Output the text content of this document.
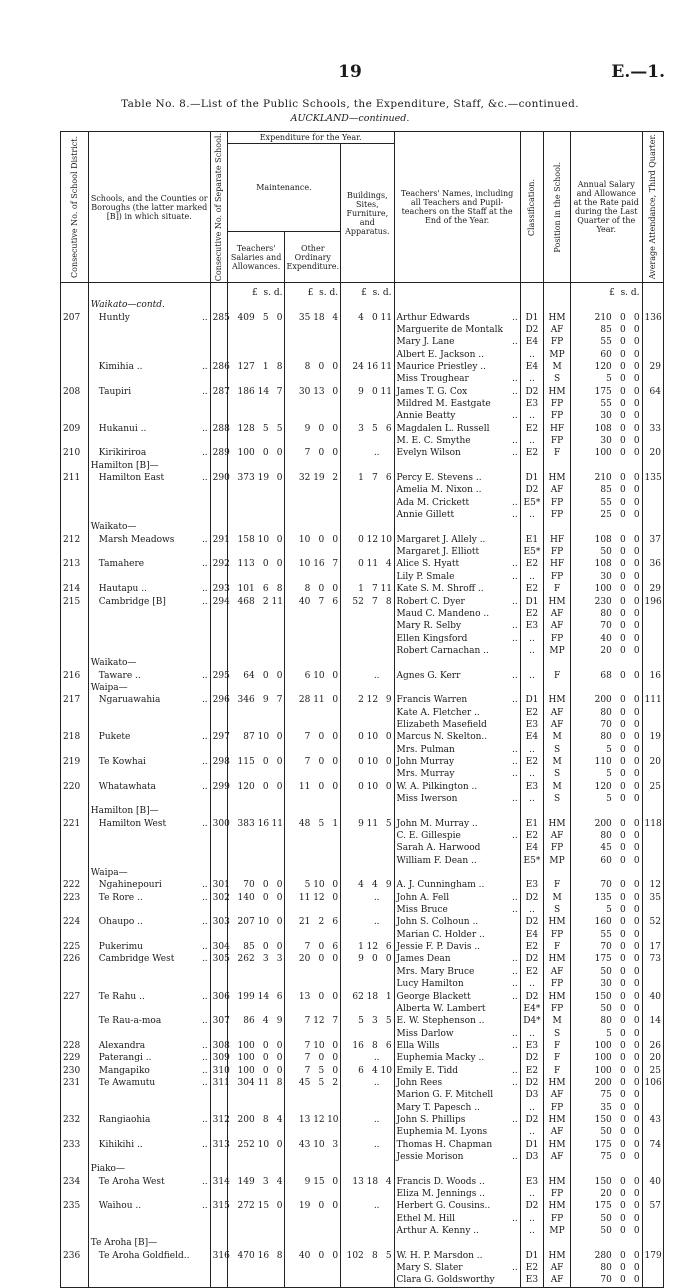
19	E.—1.
Table No. 8.—List of the Public Schools, the Expenditure, Staff, &c.—continued.
AUCKLAND—continued.
Consecutive No. of School District.	Schools, and the Counties or Boroughs (the latter marked [B]) in which situate.	Consecutive No. of Separate School.	Expenditure for the Year.			Teachers' Names, including all Teachers and Pupil-teachers on the Staff at the End of the Year.	Classification.	Position in the School.	Annual Salary and Allowance at the Rate paid during the Last Quarter of the Year.	Average Attendance, Third Quarter.

			Maintenance.		Buildings, Sites, Furniture, and Apparatus.					
			Teachers' Salaries and Allowances.	Other Ordinary Expenditure.						
			£ s. d.	£ s. d.	£ s. d.				£ s. d.	
	Waikato—contd.									
207	Huntly ..	285	409 5 0	35 18 4	4 0 11	Arthur Edwards ..	D1	HM	210 0 0	136
						Marguerite de Montalk	D2	AF	85 0 0	
						Mary J. Lane ..	E4	FP	55 0 0	
						Albert E. Jackson ..	..	MP	60 0 0	
	Kimihia .. ..	286	127 1 8	8 0 0	24 16 11	Maurice Priestley ..	E4	M	120 0 0	29
						Miss Troughear ..	..	S	5 0 0	
208	Taupiri ..	287	186 14 7	30 13 0	9 0 11	James T. G. Cox ..	D2	HM	175 0 0	64
						Mildred M. Eastgate	E3	FP	55 0 0	
						Annie Beatty ..	..	FP	30 0 0	
209	Hukanui .. ..	288	128 5 5	9 0 0	3 5 6	Magdalen L. Russell	E2	HF	108 0 0	33
						M. E. C. Smythe ..	..	FP	30 0 0	
210	Kirikiriroa ..	289	100 0 0	7 0 0	..	Evelyn Wilson ..	E2	F	100 0 0	20
	Hamilton [B]—									
211	Hamilton East ..	290	373 19 0	32 19 2	1 7 6	Percy E. Stevens ..	D1	HM	210 0 0	135
						Amelia M. Nixon ..	D2	AF	85 0 0	
						Ada M. Crickett ..	E5*	FP	55 0 0	
						Annie Gillett ..	..	FP	25 0 0	
	Waikato—									
212	Marsh Meadows ..	291	158 10 0	10 0 0	0 12 10	Margaret J. Allely ..	E1	HF	108 0 0	37
						Margaret J. Elliott	E5*	FP	50 0 0	
213	Tamahere ..	292	113 0 0	10 16 7	0 11 4	Alice S. Hyatt ..	E2	HF	108 0 0	36
						Lily P. Smale ..	..	FP	30 0 0	
214	Hautapu .. ..	293	101 6 8	8 0 0	1 7 11	Kate S. M. Shroff ..	E2	F	100 0 0	29
215	Cambridge [B] ..	294	468 2 11	40 7 6	52 7 8	Robert C. Dyer ..	D1	HM	230 0 0	196
						Maud C. Mandeno ..	E2	AF	80 0 0	
						Mary R. Selby ..	E3	AF	70 0 0	
						Ellen Kingsford ..	..	FP	40 0 0	
						Robert Carnachan ..	..	MP	20 0 0	
	Waikato—									
216	Taware .. ..	295	64 0 0	6 10 0	..	Agnes G. Kerr ..	..	F	68 0 0	16
	Waipa—									
217	Ngaruawahia ..	296	346 9 7	28 11 0	2 12 9	Francis Warren ..	D1	HM	200 0 0	111
						Kate A. Fletcher ..	E2	AF	80 0 0	
						Elizabeth Masefield	E3	AF	70 0 0	
218	Pukete ..	297	87 10 0	7 0 0	0 10 0	Marcus N. Skelton..	E4	M	80 0 0	19
						Mrs. Pulman ..	..	S	5 0 0	
219	Te Kowhai ..	298	115 0 0	7 0 0	0 10 0	John Murray ..	E2	M	110 0 0	20
						Mrs. Murray ..	..	S	5 0 0	
220	Whatawhata ..	299	120 0 0	11 0 0	0 10 0	W. A. Pilkington ..	E3	M	120 0 0	25
						Miss Iwerson ..	..	S	5 0 0	
	Hamilton [B]—									
221	Hamilton West ..	300	383 16 11	48 5 1	9 11 5	John M. Murray ..	E1	HM	200 0 0	118
						C. E. Gillespie ..	E2	AF	80 0 0	
						Sarah A. Harwood	E4	FP	45 0 0	
						William F. Dean ..	E5*	MP	60 0 0	
	Waipa—									
222	Ngahinepouri ..	301	70 0 0	5 10 0	4 4 9	A. J. Cunningham ..	E3	F	70 0 0	12
223	Te Rore .. ..	302	140 0 0	11 12 0	..	John A. Fell ..	D2	M	135 0 0	35
						Miss Bruce ..	..	S	5 0 0	
224	Ohaupo .. ..	303	207 10 0	21 2 6	..	John S. Colhoun ..	D2	HM	160 0 0	52
						Marian C. Holder ..	E4	FP	55 0 0	
225	Pukerimu ..	304	85 0 0	7 0 6	1 12 6	Jessie F. P. Davis ..	E2	F	70 0 0	17
226	Cambridge West ..	305	262 3 3	20 0 0	9 0 0	James Dean ..	D2	HM	175 0 0	73
						Mrs. Mary Bruce ..	E2	AF	50 0 0	
						Lucy Hamilton ..	..	FP	30 0 0	
227	Te Rahu .. ..	306	199 14 6	13 0 0	62 18 1	George Blackett ..	D2	HM	150 0 0	40
						Alberta W. Lambert	E4*	FP	50 0 0	
	Te Rau-a-moa ..	307	86 4 9	7 12 7	5 3 5	E. W. Stephenson ..	D4*	M	80 0 0	14
						Miss Darlow ..	..	S	5 0 0	
228	Alexandra ..	308	100 0 0	7 10 0	16 8 6	Ella Wills ..	E3	F	100 0 0	26
229	Paterangi .. ..	309	100 0 0	7 0 0	..	Euphemia Macky ..	D2	F	100 0 0	20
230	Mangapiko ..	310	100 0 0	7 5 0	6 4 10	Emily E. Tidd ..	E2	F	100 0 0	25
231	Te Awamutu ..	311	304 11 8	45 5 2	..	John Rees ..	D2	HM	200 0 0	106
						Marion G. F. Mitchell	D3	AF	75 0 0	
						Mary T. Papesch ..	..	FP	35 0 0	
232	Rangiaohia ..	312	200 8 4	13 12 10	..	John S. Phillips ..	D2	HM	150 0 0	43
						Euphemia M. Lyons	..	AF	50 0 0	
233	Kihikihi .. ..	313	252 10 0	43 10 3	..	Thomas H. Chapman	D1	HM	175 0 0	74
						Jessie Morison ..	D3	AF	75 0 0	
	Piako—									
234	Te Aroha West ..	314	149 3 4	9 15 0	13 18 4	Francis D. Woods ..	E3	HM	150 0 0	40
						Eliza M. Jennings ..	..	FP	20 0 0	
235	Waihou .. ..	315	272 15 0	19 0 0	..	Herbert G. Cousins..	D2	HM	175 0 0	57
						Ethel M. Hill ..	..	FP	50 0 0	
						Arthur A. Kenny ..	..	MP	50 0 0	
	Te Aroha [B]—									
236	Te Aroha Goldfield..	316	470 16 8	40 0 0	102 8 5	W. H. P. Marsdon ..	D1	HM	280 0 0	179
						Mary S. Slater ..	E2	AF	80 0 0	
						Clara G. Goldsworthy	E3	AF	70 0 0	
